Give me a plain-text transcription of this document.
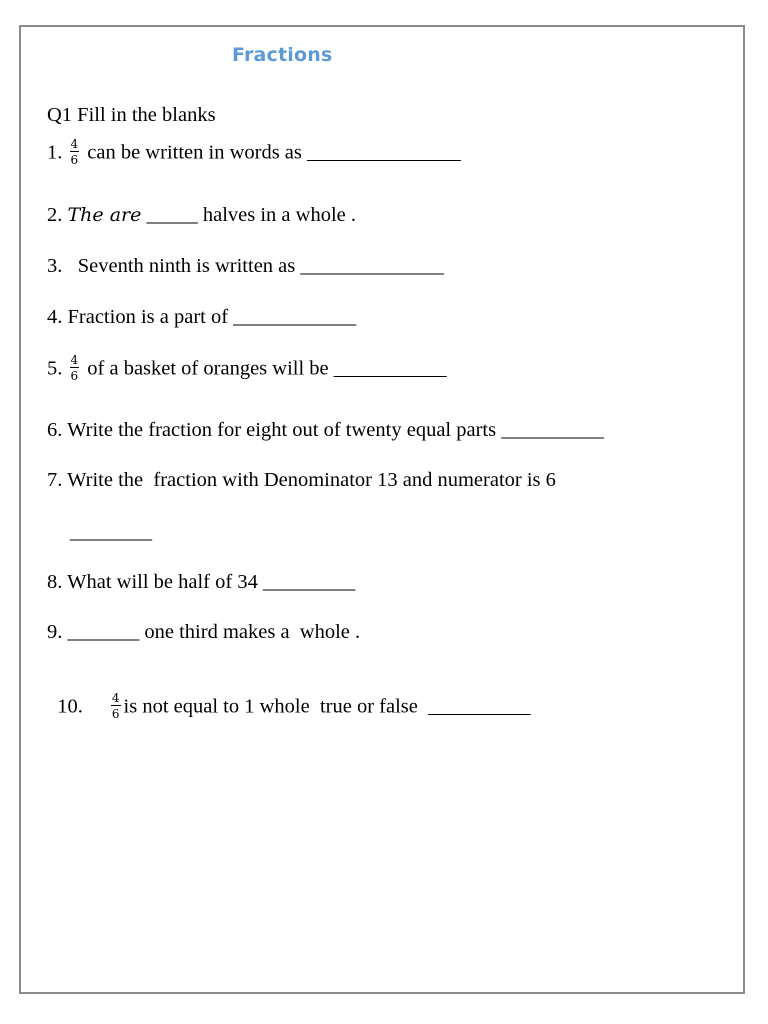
Fractions
Q1 Fill in the blanks
1. $\frac{4}{6}$ can be written in words as _______________
2. The are _____ halves in a whole .
3.   Seventh ninth is written as ______________
4. Fraction is a part of ____________
5. $\frac{4}{6}$ of a basket of oranges will be ___________
6. Write the fraction for eight out of twenty equal parts __________
7. Write the  fraction with Denominator 13 and numerator is 6
________
8. What will be half of 34 _________
9. _______ one third makes a  whole .

10. $\frac{4}{6}$ is not equal to 1 whole  true or false  __________
